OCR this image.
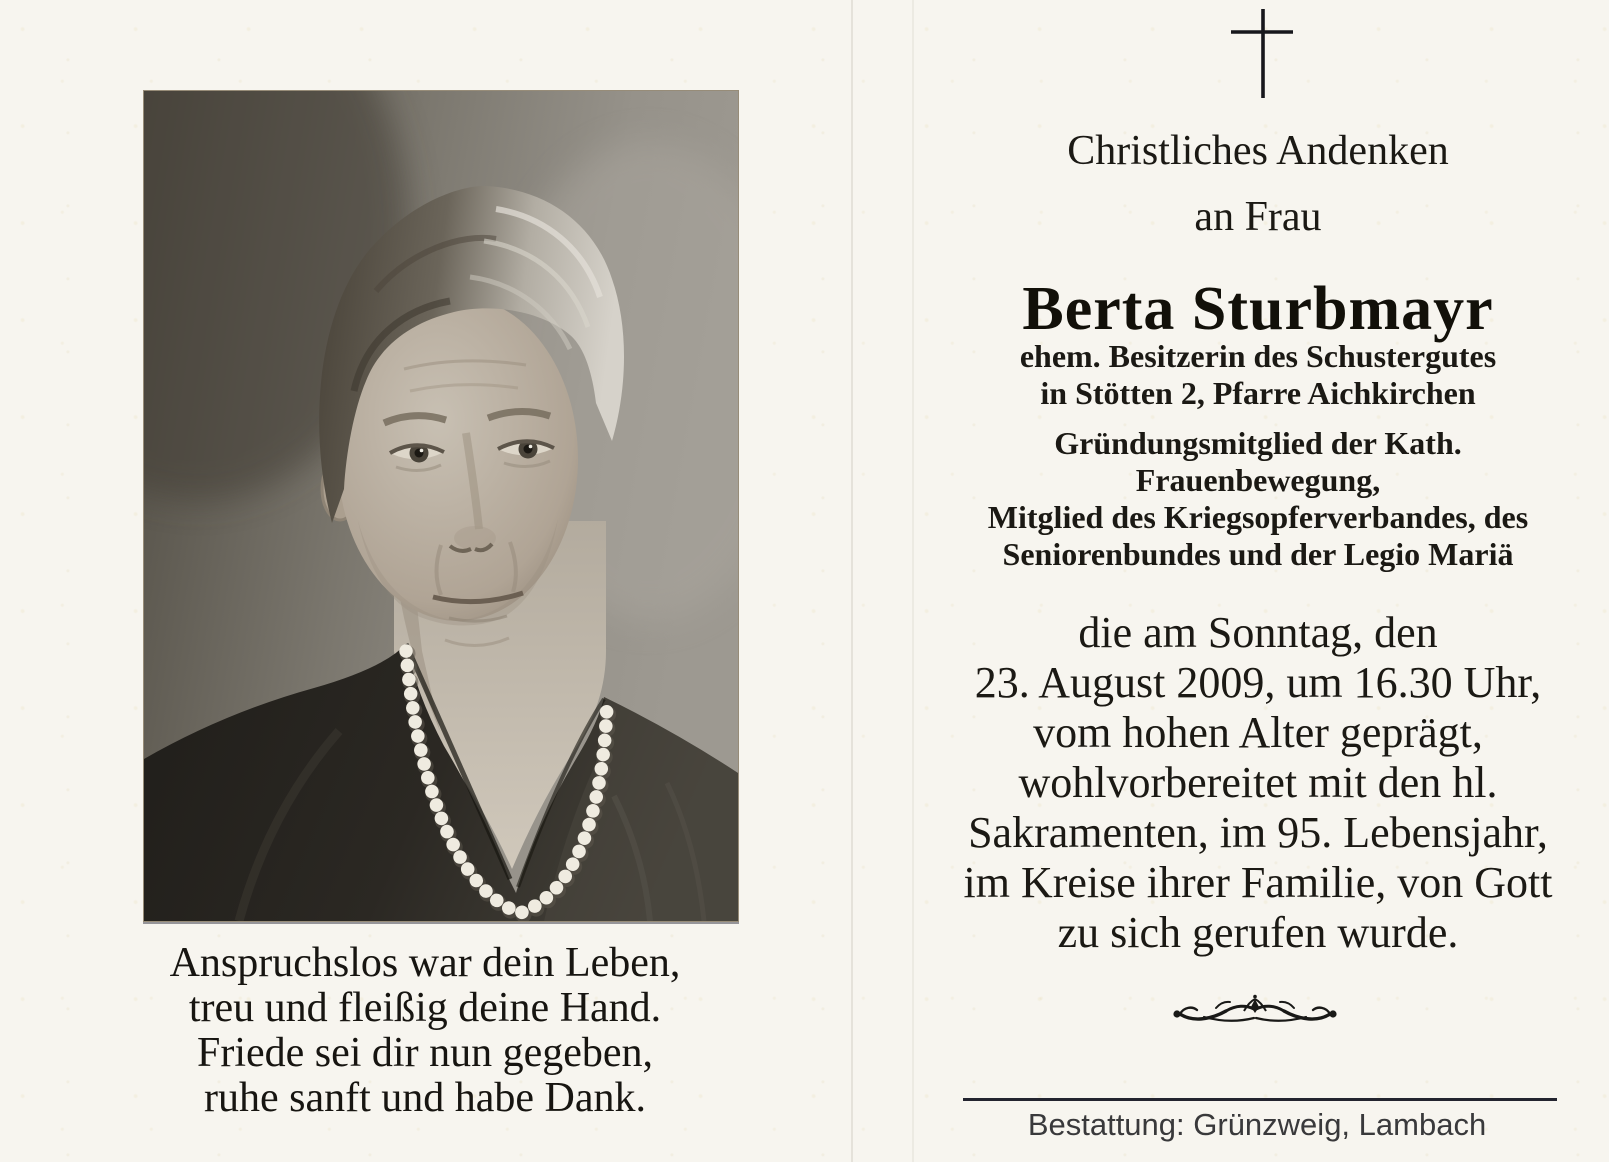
Anspruchslos war dein Leben,
treu und fleißig deine Hand.
Friede sei dir nun gegeben,
ruhe sanft und habe Dank.
Christliches Andenken
an Frau
Berta Sturbmayr
ehem. Besitzerin des Schustergutes
in Stötten 2, Pfarre Aichkirchen
Gründungsmitglied der Kath.
Frauenbewegung,
Mitglied des Kriegsopferverbandes, des
Seniorenbundes und der Legio Mariä
die am Sonntag, den
23. August 2009, um 16.30 Uhr,
vom hohen Alter geprägt,
wohlvorbereitet mit den hl.
Sakramenten, im 95. Lebensjahr,
im Kreise ihrer Familie, von Gott
zu sich gerufen wurde.
Bestattung: Grünzweig, Lambach
